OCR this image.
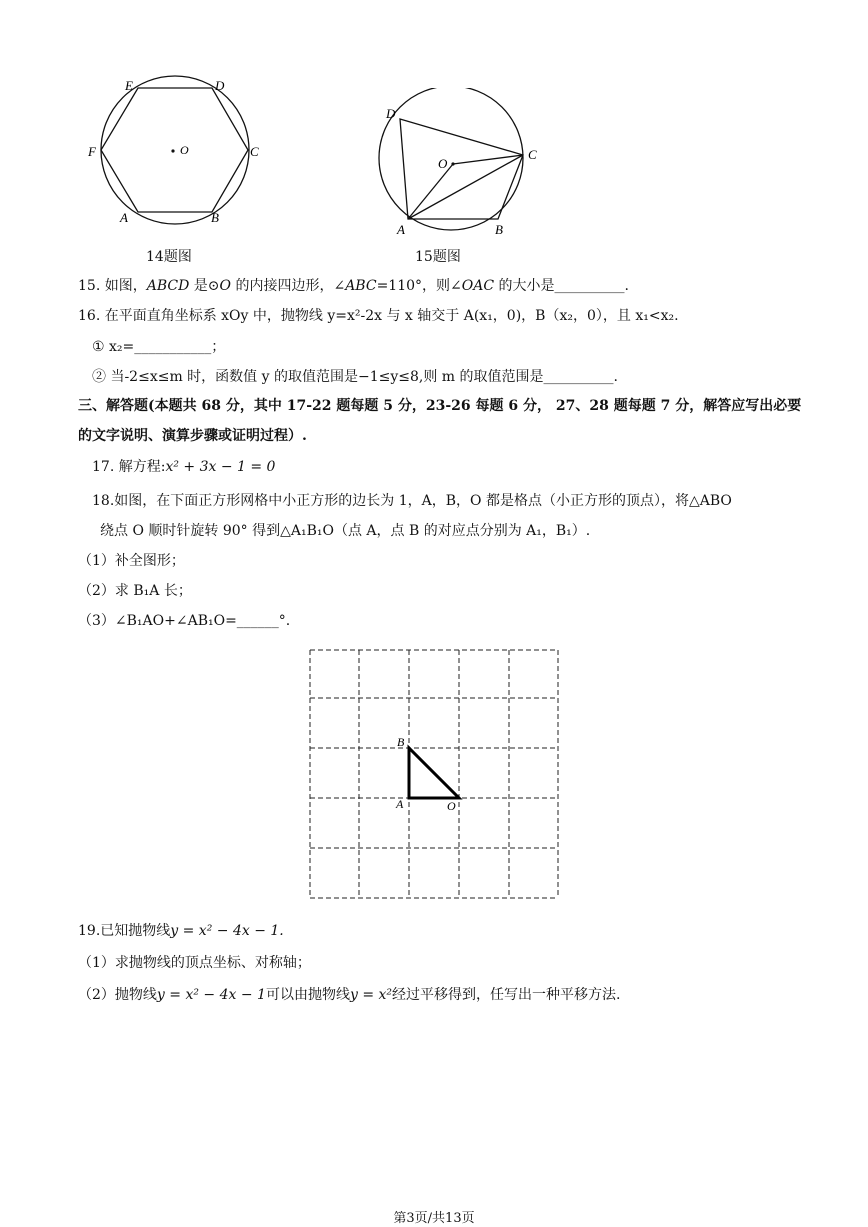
E	D
F	O	C
A	B
14题图
D
O
C
A	B
15题图
15. 如图，ABCD 是⊙O 的内接四边形，∠ABC=110°，则∠OAC 的大小是__________.
16. 在平面直角坐标系 xOy 中，抛物线 y=x²-2x 与 x 轴交于 A(x₁，0)，B（x₂，0），且 x₁<x₂.
① x₂=___________；
② 当-2≤x≤m 时，函数值 y 的取值范围是−1≤y≤8,则 m 的取值范围是__________.
三、解答题(本题共 68 分，其中 17-22 题每题 5 分，23-26 每题 6 分， 27、28 题每题 7 分，解答应写出必要
的文字说明、演算步骤或证明过程）.
17. 解方程:x² + 3x − 1 = 0
18.如图，在下面正方形网格中小正方形的边长为 1，A，B，O 都是格点（小正方形的顶点），将△ABO
绕点 O 顺时针旋转 90° 得到△A₁B₁O（点 A，点 B 的对应点分别为 A₁，B₁）.
（1）补全图形；
（2）求 B₁A 长；
（3）∠B₁AO+∠AB₁O=______°.
B
A	O
19.已知抛物线y = x² − 4x − 1.
（1）求抛物线的顶点坐标、对称轴；
（2）抛物线y = x² − 4x − 1可以由抛物线y = x²经过平移得到，任写出一种平移方法.
第3页/共13页
